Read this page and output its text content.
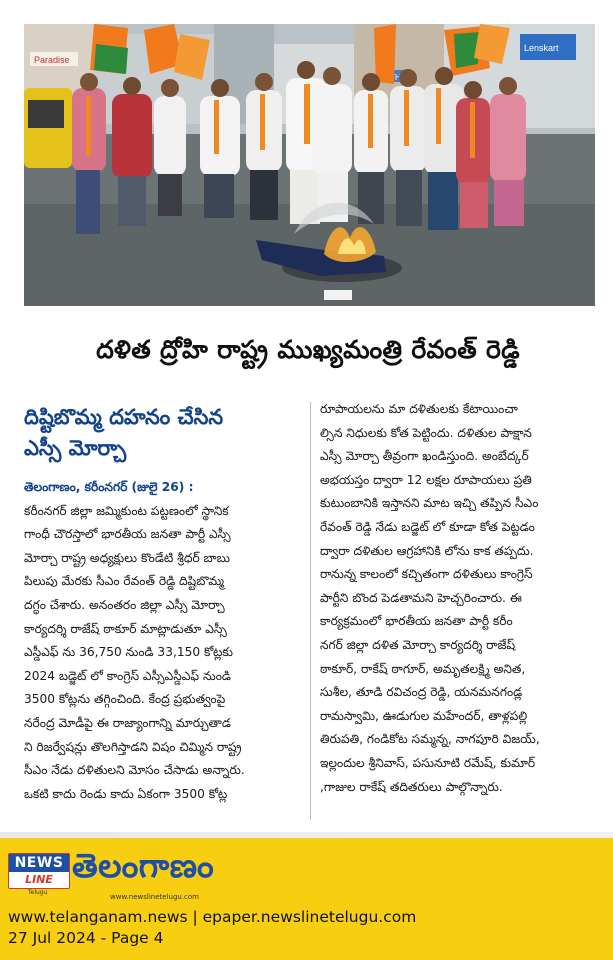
Paradise
Lenskart
దళిత ద్రోహి రాష్ట్ర ముఖ్యమంత్రి రేవంత్ రెడ్డి
దిష్టిబొమ్మ దహనం చేసిన
ఎస్సీ మోర్చా
తెలంగాణం, కరీంనగర్ (జులై 26) :
కరీంనగర్ జిల్లా జమ్మికుంట పట్టణంలో స్థానిక
గాంధీ చౌరస్తాలో భారతీయ జనతా పార్టీ ఎస్సీ
మోర్చా రాష్ట్ర అధ్యక్షులు కొండేటి శ్రీధర్ బాబు
పిలుపు మేరకు సీఎం రేవంత్ రెడ్డి దిష్టిబొమ్మ
దగ్ధం చేశారు. అనంతరం జిల్లా ఎస్సీ మోర్చా
కార్యదర్శి రాజేష్ ఠాకూర్ మాట్లాడుతూ ఎస్సీ
ఎస్డీఎఫ్ ను 36,750 నుండి 33,150 కోట్లకు
2024 బడ్జెట్ లో కాంగ్రెస్ ఎస్సీఎస్డీఎఫ్ నుండి
3500 కోట్లను తగ్గించింది. కేంద్ర ప్రభుత్వంపై
నరేంద్ర మోడీపై ఈ రాజ్యాంగాన్ని మార్చుతాడ
ని రిజర్వేషన్లు తొలగిస్తాడని విషం చిమ్మిన రాష్ట్ర
సీఎం నేడు దళితులని మోసం చేసాడు అన్నారు.
ఒకటి కాదు రెండు కాదు ఏకంగా 3500 కోట్ల
రూపాయలను మా దళితులకు కేటాయించా
ల్సిన నిధులకు కోత పెట్టిందు. దళితుల పాక్షాన
ఎస్సీ మోర్చా తీవ్రంగా ఖండిస్తుంది. అంబేద్కర్
అభయస్తం ద్వారా 12 లక్షల రూపాయలు ప్రతి
కుటుంబానికి ఇస్తానని మాట ఇచ్చి తప్పిన సీఎం
రేవంత్ రెడ్డి నేడు బడ్జెట్ లో కూడా కోత పెట్టడం
ద్వారా దళితుల ఆగ్రహానికి లోను కాక తప్పదు.
రానున్న కాలంలో కచ్చితంగా దళితులు కాంగ్రెస్
పార్టీని బొంద పెడతామని హెచ్చరించారు. ఈ
కార్యక్రమంలో భారతీయ జనతా పార్టీ కరీం
నగర్ జిల్లా దళిత మోర్చా కార్యదర్శి రాజేష్
ఠాకూర్, రాకేష్ ఠాగూర్, అమృతలక్ష్మి అనిత,
సుశీల, తూడి రవిచంద్ర రెడ్డి, యనమనగండ్ల
రామస్వామి, ఊడుగుల మహేందర్, తాళ్లపల్లి
తిరుపతి, గండికోట సమ్మన్న, నాగపూరి విజయ్,
ఇల్లందుల శ్రీనివాస్, పసునూటి రమేష్, కుమార్
,గాజుల రాకేష్ తదితరులు పాల్గొన్నారు.
NEWS
LINE
Telugu
తెలంగాణం
www.newslinetelugu.com
www.telanganam.news | epaper.newslinetelugu.com
27 Jul 2024 - Page 4
